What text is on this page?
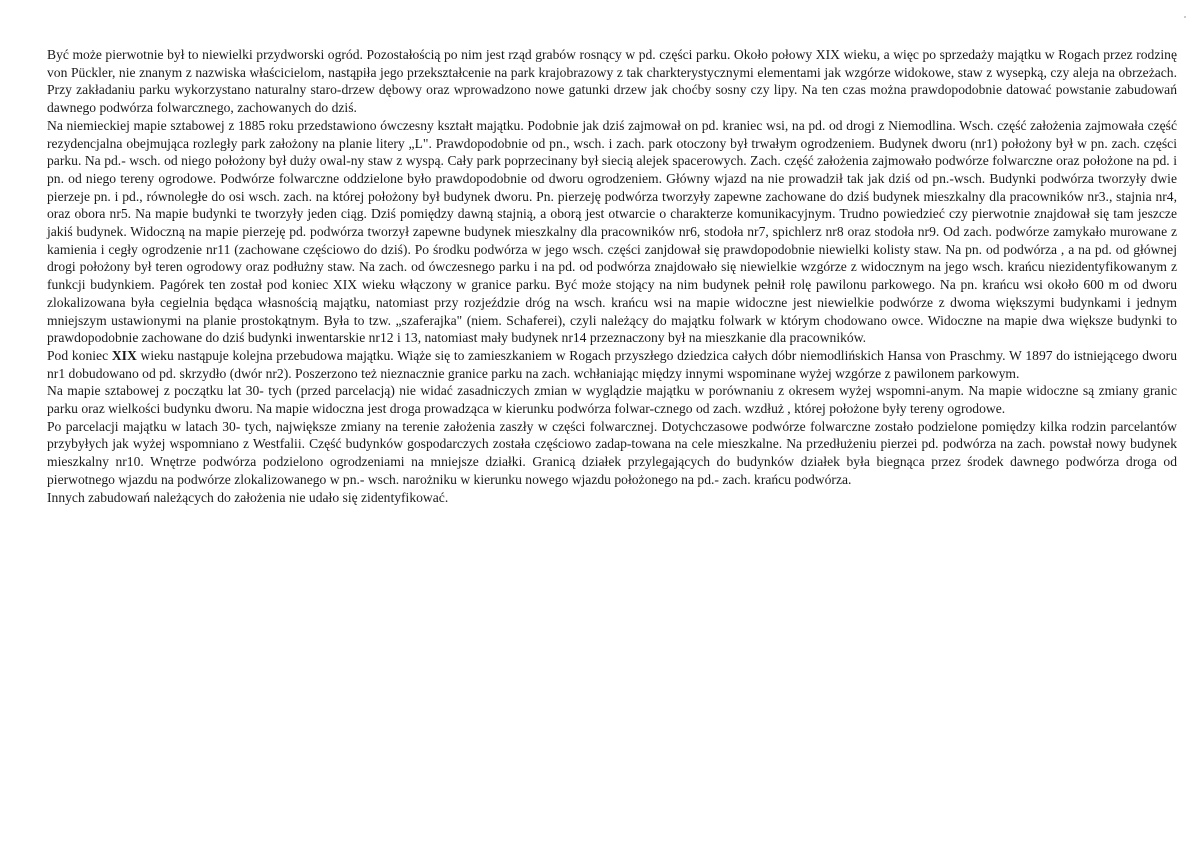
Być może pierwotnie był to niewielki przydworski ogród. Pozostałością po nim jest rząd grabów rosnący w pd. części parku. Około połowy XIX wieku, a więc po sprzedaży majątku w Rogach przez rodzinę von Pückler, nie znanym z nazwiska właścicielom, nastąpiła jego przekształcenie na park krajobrazowy z tak charkterystycznymi elementami jak wzgórze widokowe, staw z wysepką, czy aleja na obrzeżach. Przy zakładaniu parku wykorzystano naturalny staro-drzew dębowy oraz wprowadzono nowe gatunki drzew jak choćby sosny czy lipy. Na ten czas można prawdopodobnie datować powstanie zabudowań dawnego podwórza folwarcznego, zachowanych do dziś.

Na niemieckiej mapie sztabowej z 1885 roku przedstawiono ówczesny kształt majątku. Podobnie jak dziś zajmował on pd. kraniec wsi, na pd. od drogi z Niemodlina. Wsch. część założenia zajmowała część rezydencjalna obejmująca rozległy park założony na planie litery „L". Prawdopodobnie od pn., wsch. i zach. park otoczony był trwałym ogrodzeniem. Budynek dworu (nr1) położony był w pn. zach. części parku. Na pd.- wsch. od niego położony był duży owal-ny staw z wyspą. Cały park poprzecinany był siecią alejek spacerowych. Zach. część założenia zajmowało podwórze folwarczne oraz położone na pd. i pn. od niego tereny ogrodowe. Podwórze folwarczne oddzielone było prawdopodobnie od dworu ogrodzeniem. Główny wjazd na nie prowadził tak jak dziś od pn.-wsch. Budynki podwórza tworzyły dwie pierzeje pn. i pd., równoległe do osi wsch. zach. na której położony był budynek dworu. Pn. pierzeję podwórza tworzyły zapewne zachowane do dziś budynek mieszkalny dla pracowników nr3., stajnia nr4, oraz obora nr5. Na mapie budynki te tworzyły jeden ciąg. Dziś pomiędzy dawną stajnią, a oborą jest otwarcie o charakterze komunikacyjnym. Trudno powiedzieć czy pierwotnie znajdował się tam jeszcze jakiś budynek. Widoczną na mapie pierzeję pd. podwórza tworzył zapewne budynek mieszkalny dla pracowników nr6, stodoła nr7, spichlerz nr8 oraz stodoła nr9. Od zach. podwórze zamykało murowane z kamienia i cegły ogrodzenie nr11 (zachowane częściowo do dziś). Po środku podwórza w jego wsch. części zanjdował się prawdopodobnie niewielki kolisty staw. Na pn. od podwórza , a na pd. od głównej drogi położony był teren ogrodowy oraz podłużny staw. Na zach. od ówczesnego parku i na pd. od podwórza znajdowało się niewielkie wzgórze z widocznym na jego wsch. krańcu niezidentyfikowanym z funkcji budynkiem. Pagórek ten został pod koniec XIX wieku włączony w granice parku. Być może stojący na nim budynek pełnił rolę pawilonu parkowego. Na pn. krańcu wsi około 600 m od dworu zlokalizowana była cegielnia będąca własnością majątku, natomiast przy rozjeździe dróg na wsch. krańcu wsi na mapie widoczne jest niewielkie podwórze z dwoma większymi budynkami i jednym mniejszym ustawionymi na planie prostokątnym. Była to tzw. „szaferajka" (niem. Schaferei), czyli należący do majątku folwark w którym chodowano owce. Widoczne na mapie dwa większe budynki to prawdopodobnie zachowane do dziś budynki inwentarskie nr12 i 13, natomiast mały budynek nr14 przeznaczony był na mieszkanie dla pracowników.

Pod koniec XIX wieku nastąpuje kolejna przebudowa majątku. Wiąże się to zamieszkaniem w Rogach przyszłego dziedzica całych dóbr niemodlińskich Hansa von Praschmy. W 1897 do istniejącego dworu nr1 dobudowano od pd. skrzydło (dwór nr2). Poszerzono też nieznacznie granice parku na zach. wchłaniając między innymi wspominane wyżej wzgórze z pawilonem parkowym.

Na mapie sztabowej z początku lat 30- tych (przed parcelacją) nie widać zasadniczych zmian w wyglądzie majątku w porównaniu z okresem wyżej wspomni-anym. Na mapie widoczne są zmiany granic parku oraz wielkości budynku dworu. Na mapie widoczna jest droga prowadząca w kierunku podwórza folwar-cznego od zach. wzdłuż , której położone były tereny ogrodowe.

Po parcelacji majątku w latach 30- tych, największe zmiany na terenie założenia zaszły w części folwarcznej. Dotychczasowe podwórze folwarczne zostało podzielone pomiędzy kilka rodzin parcelantów przybyłych jak wyżej wspomniano z Westfalii. Część budynków gospodarczych została częściowo zadap-towana na cele mieszkalne. Na przedłużeniu pierzei pd. podwórza na zach. powstał nowy budynek mieszkalny nr10. Wnętrze podwórza podzielono ogrodzeniami na mniejsze działki. Granicą działek przylegających do budynków działek była biegnąca przez środek dawnego podwórza droga od pierwotnego wjazdu na podwórze zlokalizowanego w pn.- wsch. narożniku w kierunku nowego wjazdu położonego na pd.- zach. krańcu podwórza.

Innych zabudowań należących do założenia nie udało się zidentyfikować.
